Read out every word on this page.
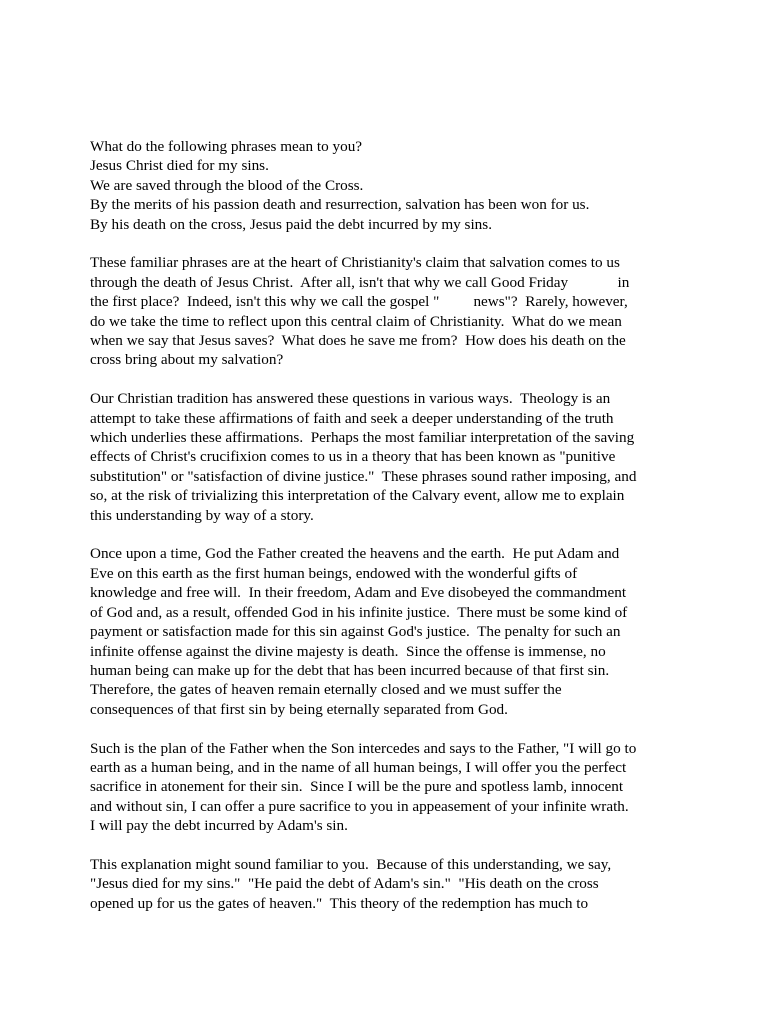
What do the following phrases mean to you?
Jesus Christ died for my sins.
We are saved through the blood of the Cross.
By the merits of his passion death and resurrection, salvation has been won for us.
By his death on the cross, Jesus paid the debt incurred by my sins.
These familiar phrases are at the heart of Christianity's claim that salvation comes to us
through the death of Jesus Christ.  After all, isn't that why we call Good Friday             in
the first place?  Indeed, isn't this why we call the gospel "         news"?  Rarely, however,
do we take the time to reflect upon this central claim of Christianity.  What do we mean
when we say that Jesus saves?  What does he save me from?  How does his death on the
cross bring about my salvation?
Our Christian tradition has answered these questions in various ways.  Theology is an
attempt to take these affirmations of faith and seek a deeper understanding of the truth
which underlies these affirmations.  Perhaps the most familiar interpretation of the saving
effects of Christ's crucifixion comes to us in a theory that has been known as "punitive
substitution" or "satisfaction of divine justice."  These phrases sound rather imposing, and
so, at the risk of trivializing this interpretation of the Calvary event, allow me to explain
this understanding by way of a story.
Once upon a time, God the Father created the heavens and the earth.  He put Adam and
Eve on this earth as the first human beings, endowed with the wonderful gifts of
knowledge and free will.  In their freedom, Adam and Eve disobeyed the commandment
of God and, as a result, offended God in his infinite justice.  There must be some kind of
payment or satisfaction made for this sin against God's justice.  The penalty for such an
infinite offense against the divine majesty is death.  Since the offense is immense, no
human being can make up for the debt that has been incurred because of that first sin.
Therefore, the gates of heaven remain eternally closed and we must suffer the
consequences of that first sin by being eternally separated from God.
Such is the plan of the Father when the Son intercedes and says to the Father, "I will go to
earth as a human being, and in the name of all human beings, I will offer you the perfect
sacrifice in atonement for their sin.  Since I will be the pure and spotless lamb, innocent
and without sin, I can offer a pure sacrifice to you in appeasement of your infinite wrath.
I will pay the debt incurred by Adam's sin.
This explanation might sound familiar to you.  Because of this understanding, we say,
"Jesus died for my sins."  "He paid the debt of Adam's sin."  "His death on the cross
opened up for us the gates of heaven."  This theory of the redemption has much to
